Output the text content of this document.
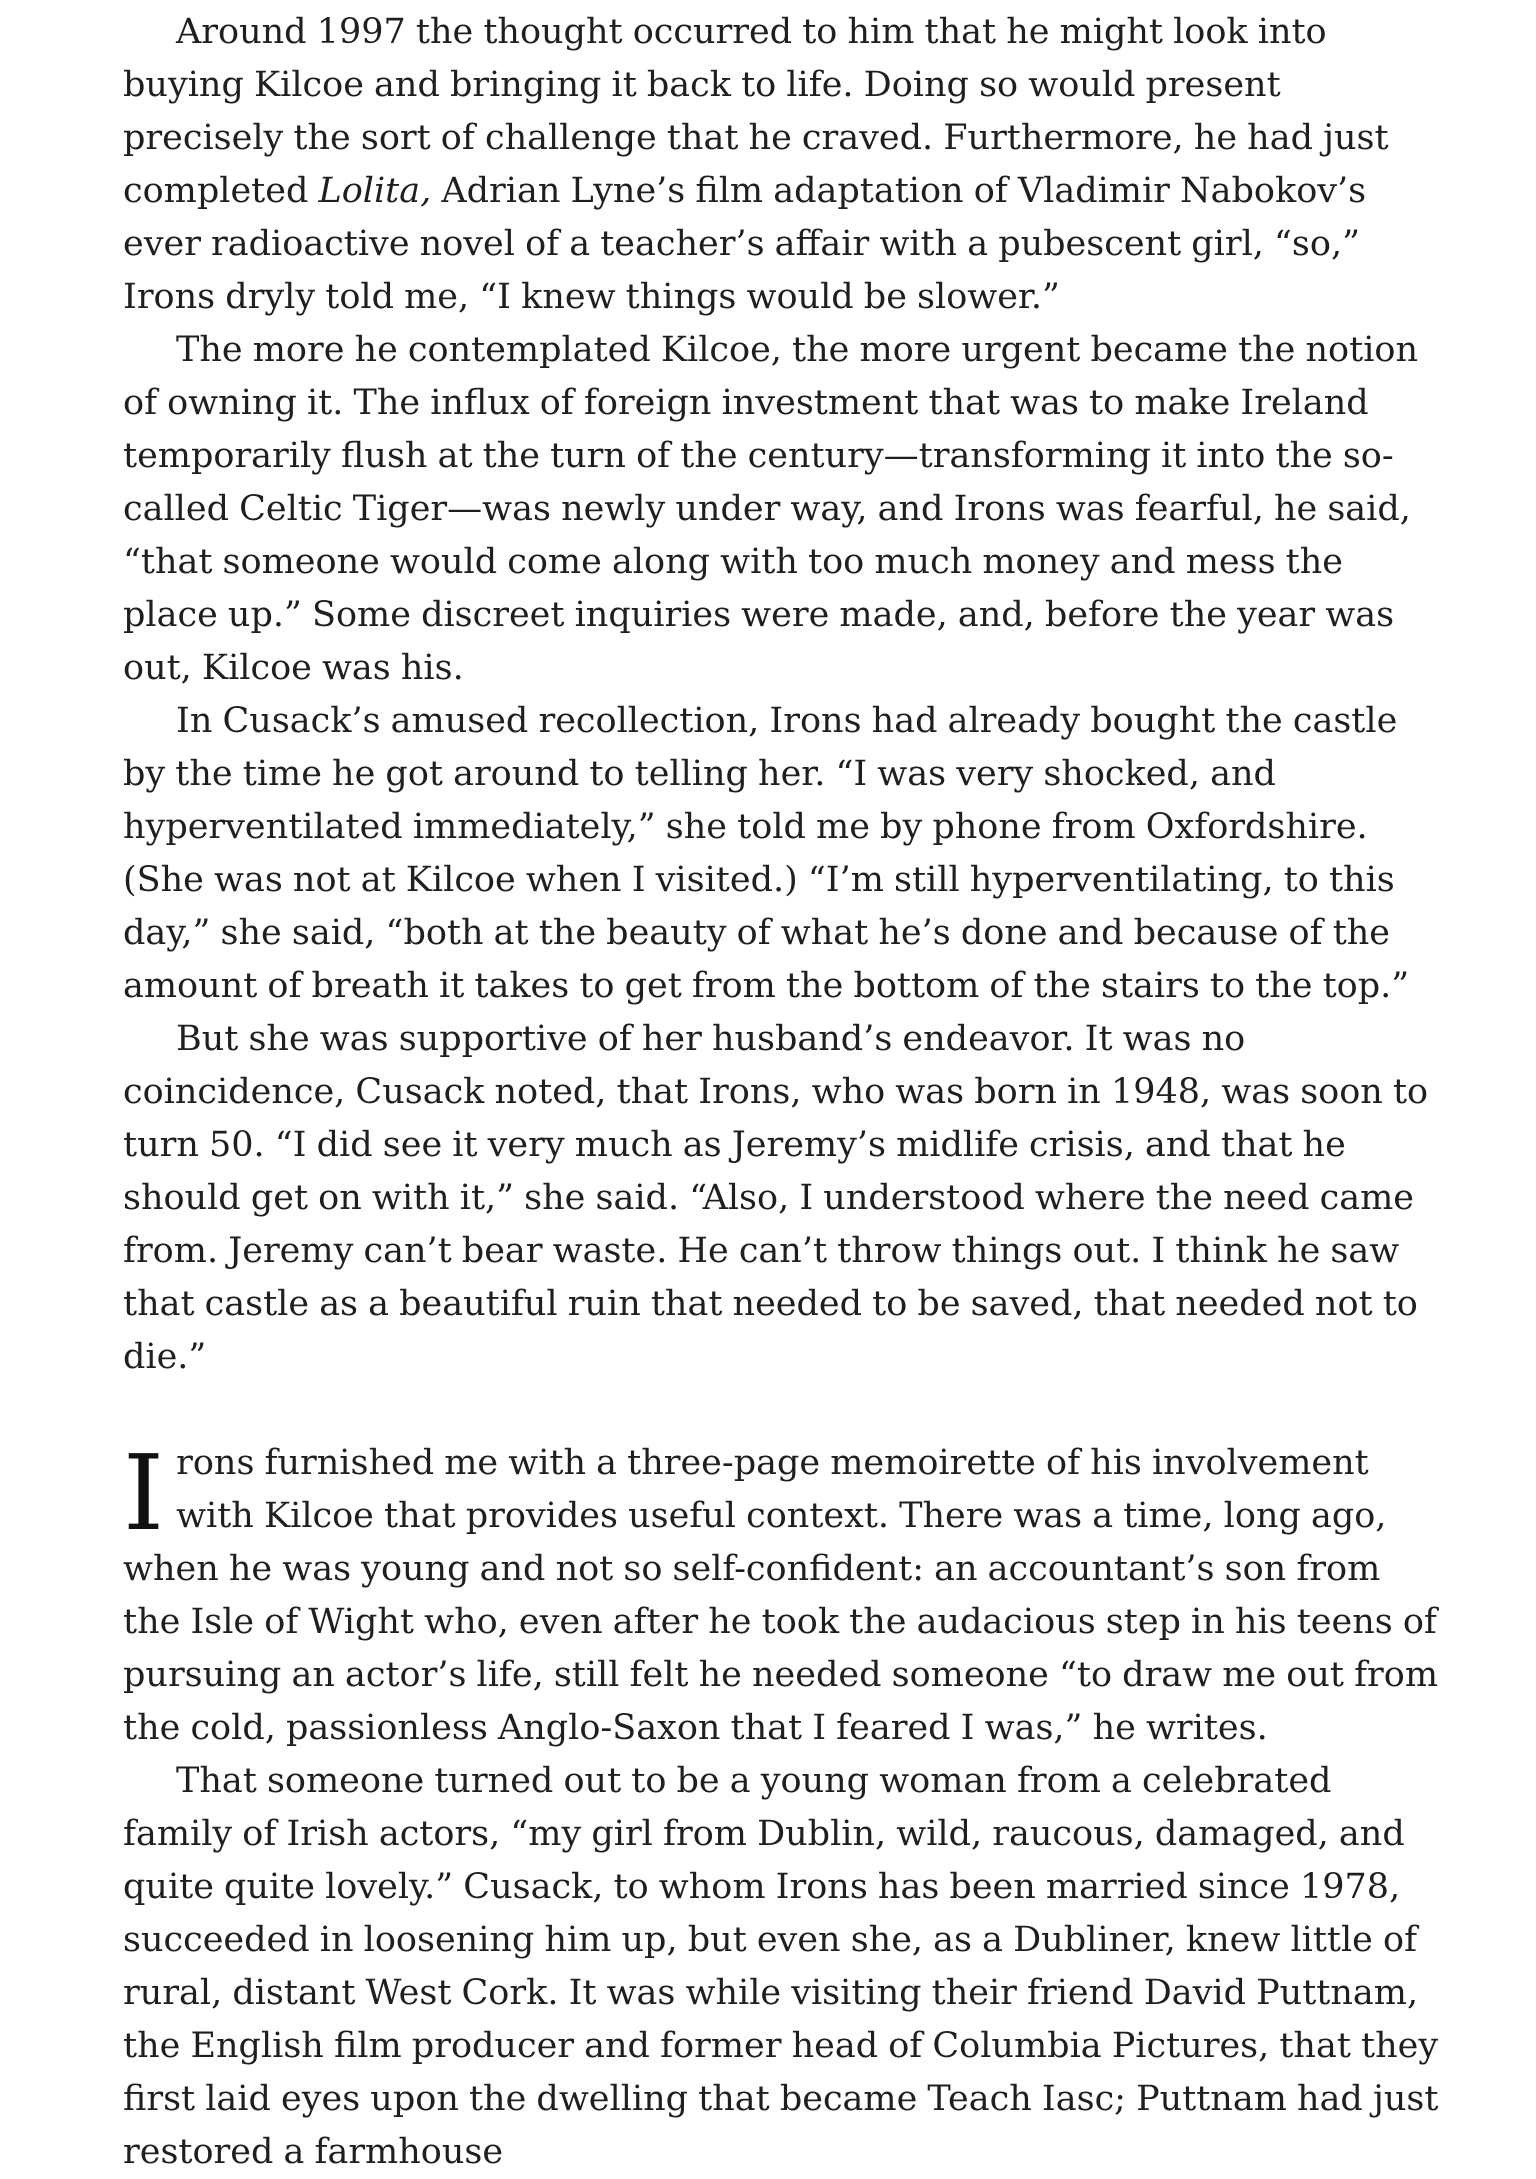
Around 1997 the thought occurred to him that he might look into buying Kilcoe and bringing it back to life. Doing so would present precisely the sort of challenge that he craved. Furthermore, he had just completed Lolita, Adrian Lyne’s film adaptation of Vladimir Nabokov’s ever radioactive novel of a teacher’s affair with a pubescent girl, “so,” Irons dryly told me, “I knew things would be slower.”

The more he contemplated Kilcoe, the more urgent became the notion of owning it. The influx of foreign investment that was to make Ireland temporarily flush at the turn of the century—transforming it into the so-called Celtic Tiger—was newly under way, and Irons was fearful, he said, “that someone would come along with too much money and mess the place up.” Some discreet inquiries were made, and, before the year was out, Kilcoe was his.

In Cusack’s amused recollection, Irons had already bought the castle by the time he got around to telling her. “I was very shocked, and hyperventilated immediately,” she told me by phone from Oxfordshire. (She was not at Kilcoe when I visited.) “I’m still hyperventilating, to this day,” she said, “both at the beauty of what he’s done and because of the amount of breath it takes to get from the bottom of the stairs to the top.”

But she was supportive of her husband’s endeavor. It was no coincidence, Cusack noted, that Irons, who was born in 1948, was soon to turn 50. “I did see it very much as Jeremy’s midlife crisis, and that he should get on with it,” she said. “Also, I understood where the need came from. Jeremy can’t bear waste. He can’t throw things out. I think he saw that castle as a beautiful ruin that needed to be saved, that needed not to die.”

Irons furnished me with a three-page memoirette of his involvement with Kilcoe that provides useful context. There was a time, long ago, when he was young and not so self-confident: an accountant’s son from the Isle of Wight who, even after he took the audacious step in his teens of pursuing an actor’s life, still felt he needed someone “to draw me out from the cold, passionless Anglo-Saxon that I feared I was,” he writes.

That someone turned out to be a young woman from a celebrated family of Irish actors, “my girl from Dublin, wild, raucous, damaged, and quite quite lovely.” Cusack, to whom Irons has been married since 1978, succeeded in loosening him up, but even she, as a Dubliner, knew little of rural, distant West Cork. It was while visiting their friend David Puttnam, the English film producer and former head of Columbia Pictures, that they first laid eyes upon the dwelling that became Teach Iasc; Puttnam had just restored a farmhouse
